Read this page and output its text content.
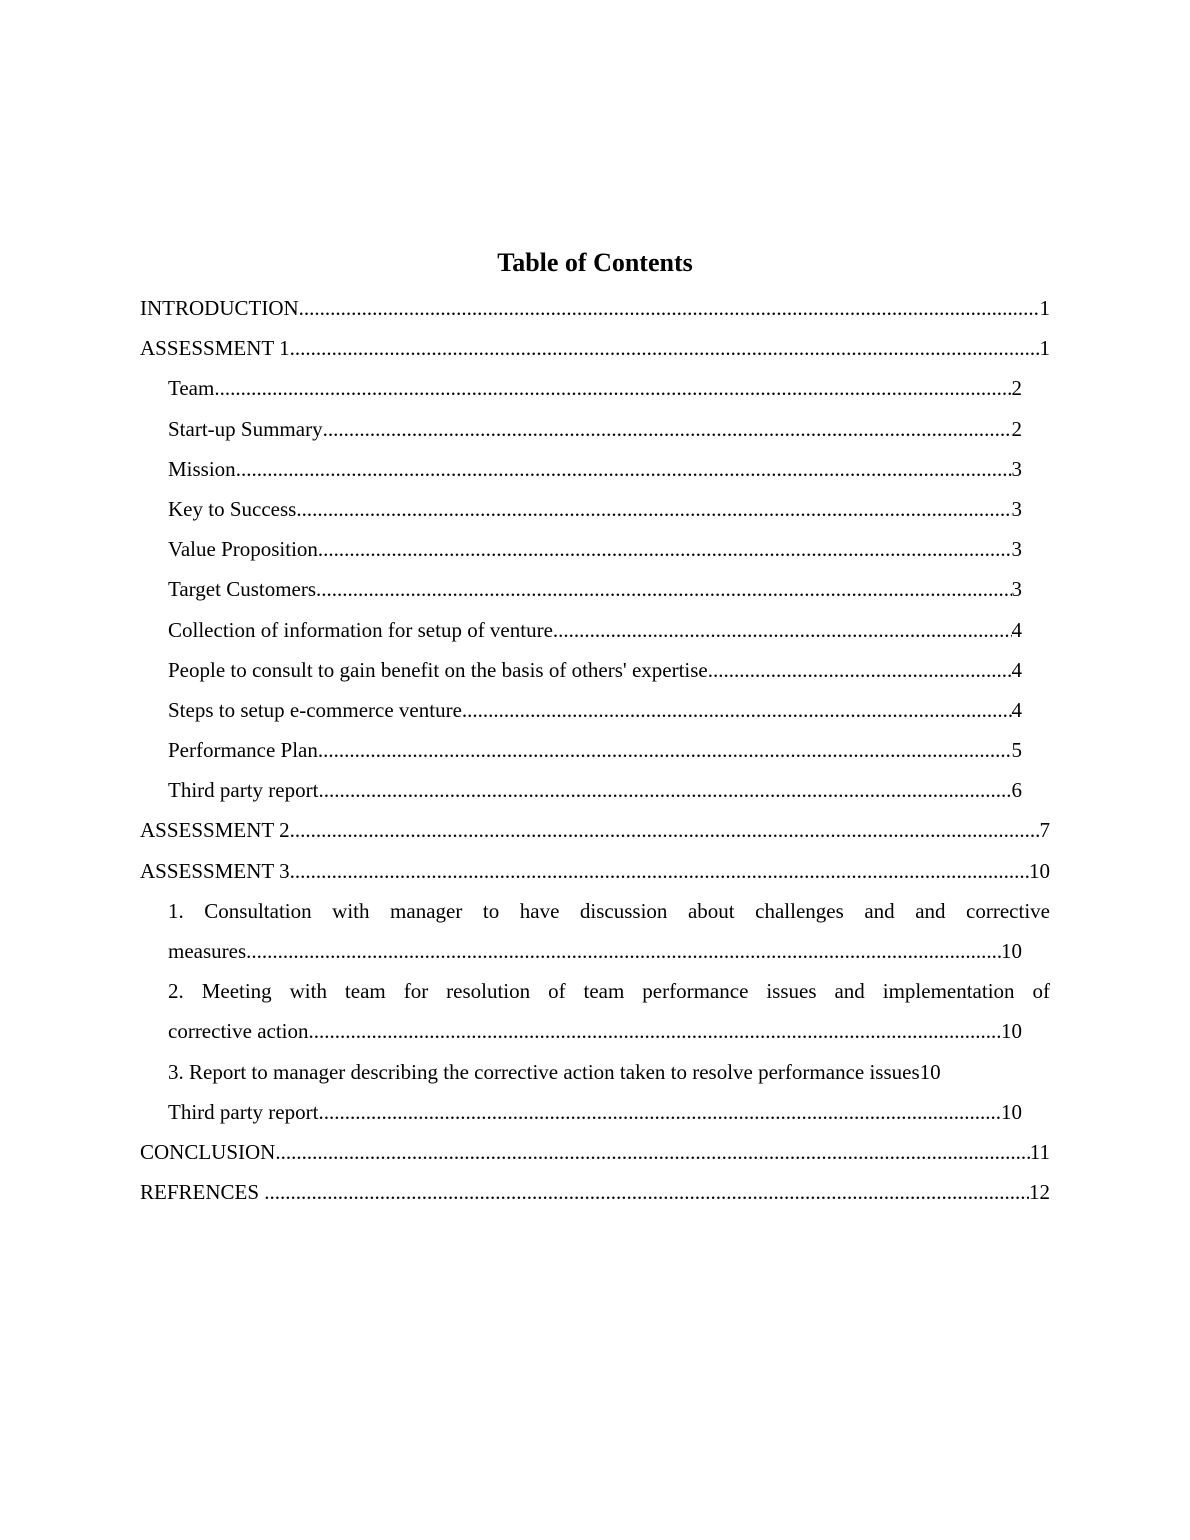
Table of Contents
INTRODUCTION .....	1
ASSESSMENT 1 .....	1
Team .....	2
Start-up Summary .....	2
Mission .....	3
Key to Success .....	3
Value Proposition .....	3
Target Customers .....	3
Collection of information for setup of venture .....	4
People to consult to gain benefit on the basis of others' expertise .....	4
Steps to setup e-commerce venture .....	4
Performance Plan .....	5
Third party report .....	6
ASSESSMENT 2 .....	7
ASSESSMENT 3 .....	10
1. Consultation with manager to have discussion about challenges and and corrective
measures .....	10
2. Meeting with team for resolution of team performance issues and implementation of
corrective action .....	10
3. Report to manager describing the corrective action taken to resolve performance issues 10
Third party report .....	10
CONCLUSION .....	11
REFRENCES .....	12
